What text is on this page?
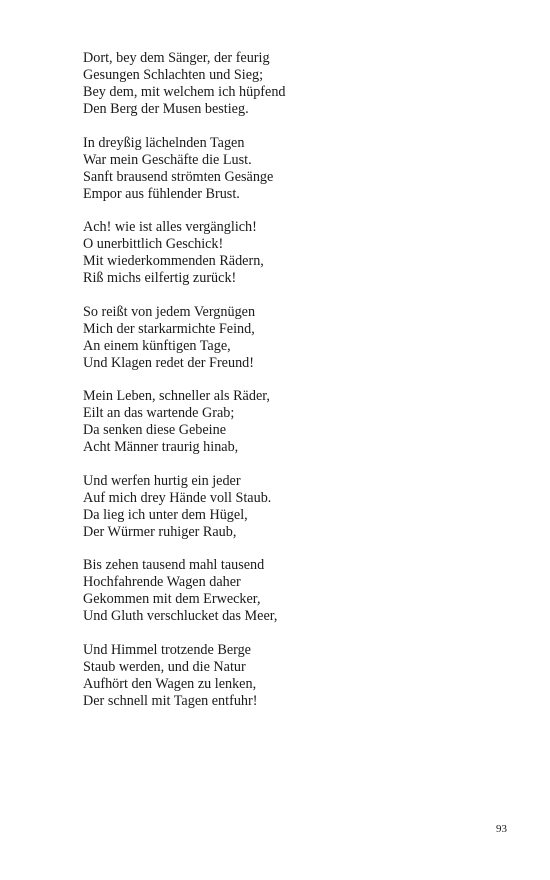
Dort, bey dem Sänger, der feurig
Gesungen Schlachten und Sieg;
Bey dem, mit welchem ich hüpfend
Den Berg der Musen bestieg.
In dreyßig lächelnden Tagen
War mein Geschäfte die Lust.
Sanft brausend strömten Gesänge
Empor aus fühlender Brust.
Ach! wie ist alles vergänglich!
O unerbittlich Geschick!
Mit wiederkommenden Rädern,
Riß michs eilfertig zurück!
So reißt von jedem Vergnügen
Mich der starkarmichte Feind,
An einem künftigen Tage,
Und Klagen redet der Freund!
Mein Leben, schneller als Räder,
Eilt an das wartende Grab;
Da senken diese Gebeine
Acht Männer traurig hinab,
Und werfen hurtig ein jeder
Auf mich drey Hände voll Staub.
Da lieg ich unter dem Hügel,
Der Würmer ruhiger Raub,
Bis zehen tausend mahl tausend
Hochfahrende Wagen daher
Gekommen mit dem Erwecker,
Und Gluth verschlucket das Meer,
Und Himmel trotzende Berge
Staub werden, und die Natur
Aufhört den Wagen zu lenken,
Der schnell mit Tagen entfuhr!
93
